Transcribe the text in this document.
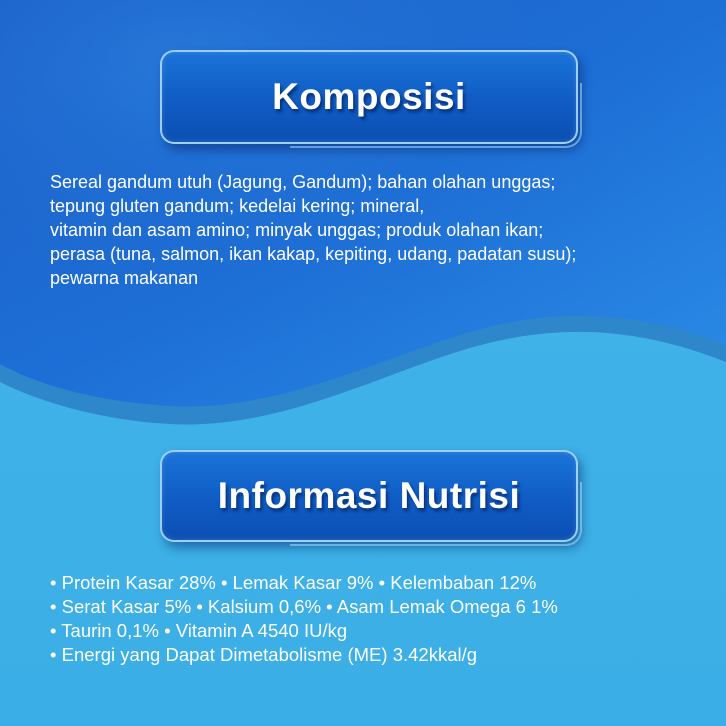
Komposisi
Sereal gandum utuh (Jagung, Gandum); bahan olahan unggas;
tepung gluten gandum; kedelai kering; mineral,
vitamin dan asam amino; minyak unggas; produk olahan ikan;
perasa (tuna, salmon, ikan kakap, kepiting, udang, padatan susu);
pewarna makanan
Informasi Nutrisi
• Protein Kasar 28% • Lemak Kasar 9% • Kelembaban 12%
• Serat Kasar 5% • Kalsium 0,6% • Asam Lemak Omega 6 1%
• Taurin 0,1% • Vitamin A 4540 IU/kg
• Energi yang Dapat Dimetabolisme (ME) 3.42kkal/g
